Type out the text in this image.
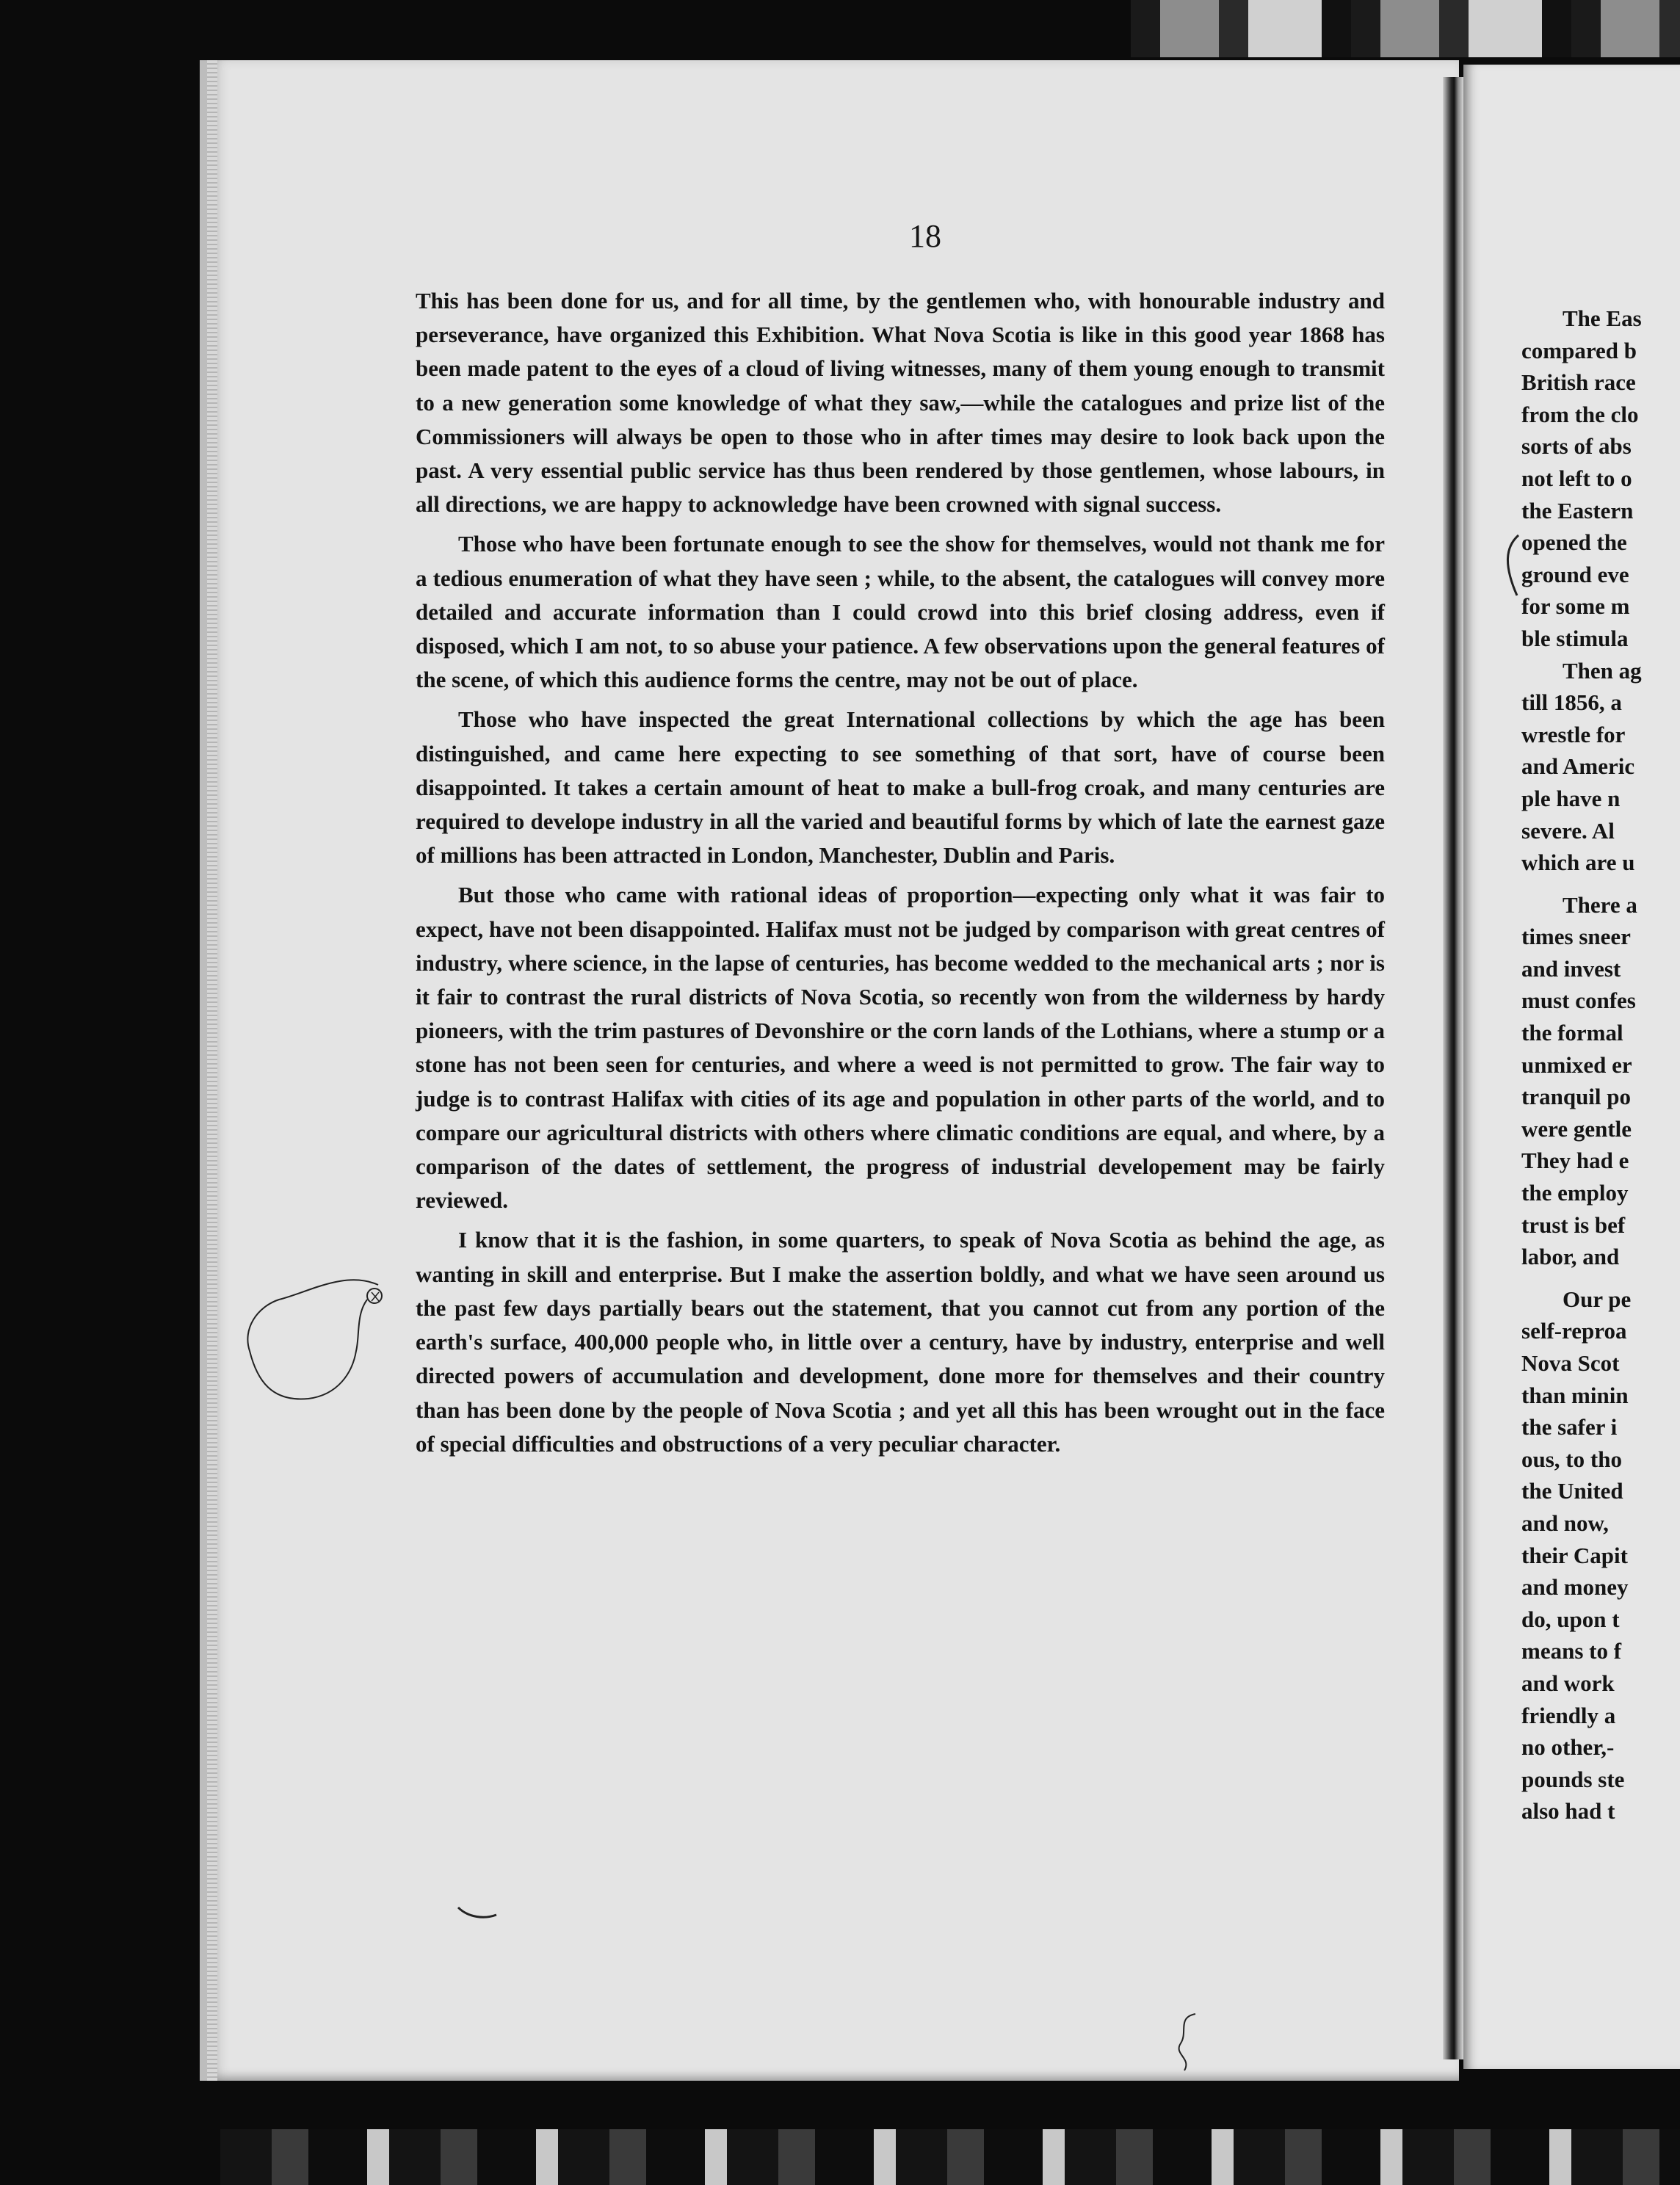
18

This has been done for us, and for all time, by the gentlemen who, with honourable industry and perseverance, have organized this Exhibition. What Nova Scotia is like in this good year 1868 has been made patent to the eyes of a cloud of living witnesses, many of them young enough to transmit to a new generation some knowledge of what they saw,—while the catalogues and prize list of the Commissioners will always be open to those who in after times may desire to look back upon the past. A very essential public service has thus been rendered by those gentlemen, whose labours, in all directions, we are happy to acknowledge have been crowned with signal success.

Those who have been fortunate enough to see the show for themselves, would not thank me for a tedious enumeration of what they have seen ; while, to the absent, the catalogues will convey more detailed and accurate information than I could crowd into this brief closing address, even if disposed, which I am not, to so abuse your patience. A few observations upon the general features of the scene, of which this audience forms the centre, may not be out of place.

Those who have inspected the great International collections by which the age has been distinguished, and came here expecting to see something of that sort, have of course been disappointed. It takes a certain amount of heat to make a bull-frog croak, and many centuries are required to develope industry in all the varied and beautiful forms by which of late the earnest gaze of millions has been attracted in London, Manchester, Dublin and Paris.

But those who came with rational ideas of proportion—expecting only what it was fair to expect, have not been disappointed. Halifax must not be judged by comparison with great centres of industry, where science, in the lapse of centuries, has become wedded to the mechanical arts ; nor is it fair to contrast the rural districts of Nova Scotia, so recently won from the wilderness by hardy pioneers, with the trim pastures of Devonshire or the corn lands of the Lothians, where a stump or a stone has not been seen for centuries, and where a weed is not permitted to grow. The fair way to judge is to contrast Halifax with cities of its age and population in other parts of the world, and to compare our agricultural districts with others where climatic conditions are equal, and where, by a comparison of the dates of settlement, the progress of industrial developement may be fairly reviewed.

I know that it is the fashion, in some quarters, to speak of Nova Scotia as behind the age, as wanting in skill and enterprise. But I make the assertion boldly, and what we have seen around us the past few days partially bears out the statement, that you cannot cut from any portion of the earth's surface, 400,000 people who, in little over a century, have by industry, enterprise and well directed powers of accumulation and development, done more for themselves and their country than has been done by the people of Nova Scotia ; and yet all this has been wrought out in the face of special difficulties and obstructions of a very peculiar character.

The Eas
compared b
British race
from the clo
sorts of abs
not left to o
the Eastern
opened the
ground eve
for some m
ble stimula
Then ag
till 1856, a
wrestle for
and Americ
ple have n
severe. Al
which are u
There a
times sneer
and invest
must confes
the formal
unmixed er
tranquil po
were gentle
They had e
the employ
trust is bef
labor, and
Our pe
self-reproa
Nova Scot
than minin
the safer i
ous, to tho
the United
and now,
their Capit
and money
do, upon t
means to f
and work
friendly a
no other,-
pounds ste
also had t
